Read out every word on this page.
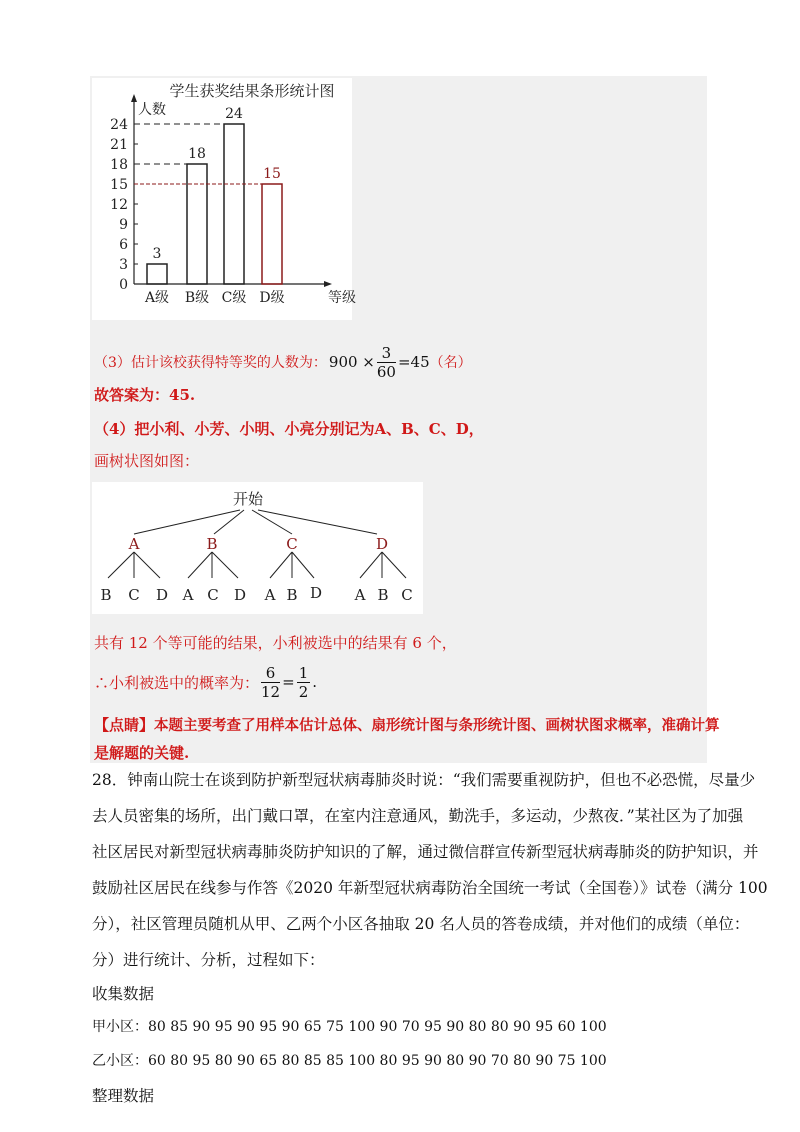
学生获奖结果条形统计图
人数
0
3
6
9
12
15
18
21
24
3
A级
18
B级
24
C级
15
D级	等级
（3）估计该校获得特等奖的人数为： $900 \times \frac{3}{60} =45$ （名）
故答案为：45.
（4）把小利、小芳、小明、小亮分别记为A、B、C、D，
画树状图如图：
开始
A	B	C	D
B C D A C D A B D A B C
共有 12 个等可能的结果，小利被选中的结果有 6 个，
∴小利被选中的概率为： $\frac{6}{12} = \frac{1}{2}$ .
【点睛】本题主要考查了用样本估计总体、扇形统计图与条形统计图、画树状图求概率，准确计算
是解题的关键.
28．钟南山院士在谈到防护新型冠状病毒肺炎时说：“我们需要重视防护，但也不必恐慌，尽量少
去人员密集的场所，出门戴口罩，在室内注意通风，勤洗手，多运动，少熬夜．”某社区为了加强
社区居民对新型冠状病毒肺炎防护知识的了解，通过微信群宣传新型冠状病毒肺炎的防护知识，并
鼓励社区居民在线参与作答《2020 年新型冠状病毒防治全国统一考试（全国卷）》试卷（满分 100
分），社区管理员随机从甲、乙两个小区各抽取 20 名人员的答卷成绩，并对他们的成绩（单位：
分）进行统计、分析，过程如下：
收集数据
甲小区：80 85 90 95 90 95 90 65 75 100 90 70 95 90 80 80 90 95 60 100
乙小区：60 80 95 80 90 65 80 85 85 100 80 95 90 80 90 70 80 90 75 100
整理数据
